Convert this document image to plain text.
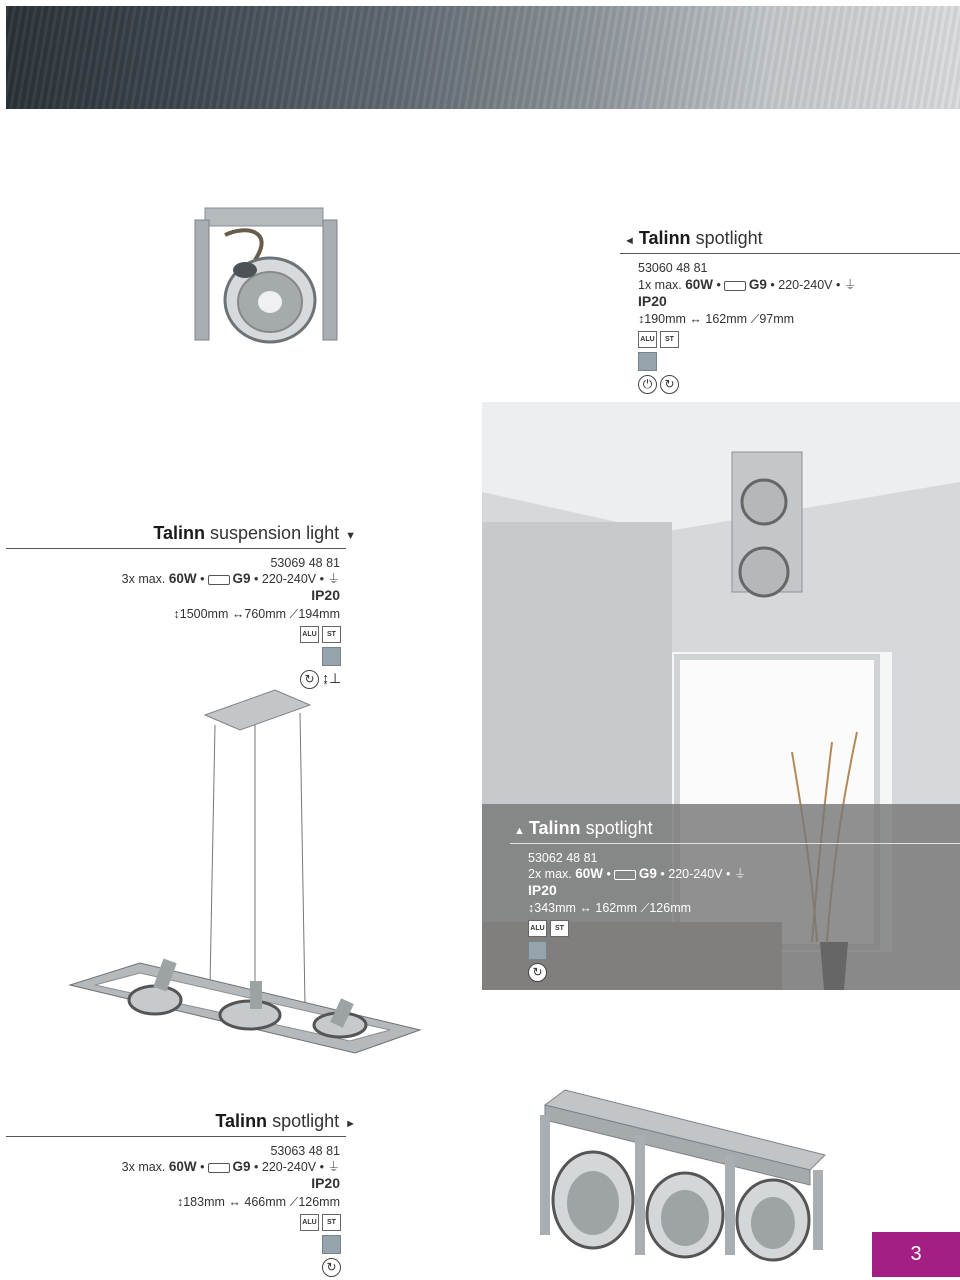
◄ Talinn spotlight
53060 48 81
1x max. 60W • G9 • 220-240V • ⏚
IP20
↕190mm ↔ 162mm ⟋97mm
ALU ST
⏻ ↻
▲ Talinn spotlight
53062 48 81
2x max. 60W • G9 • 220-240V • ⏚
IP20
↕343mm ↔ 162mm ⟋126mm
ALU ST
↻
Talinn suspension light ▼
53069 48 81
3x max. 60W • G9 • 220-240V • ⏚
IP20
↕1500mm ↔760mm ⟋194mm
ALU ST
↻ ↨⊥
Talinn spotlight ►
53063 48 81
3x max. 60W • G9 • 220-240V • ⏚
IP20
↕183mm ↔ 466mm ⟋126mm
ALU ST
↻
3
